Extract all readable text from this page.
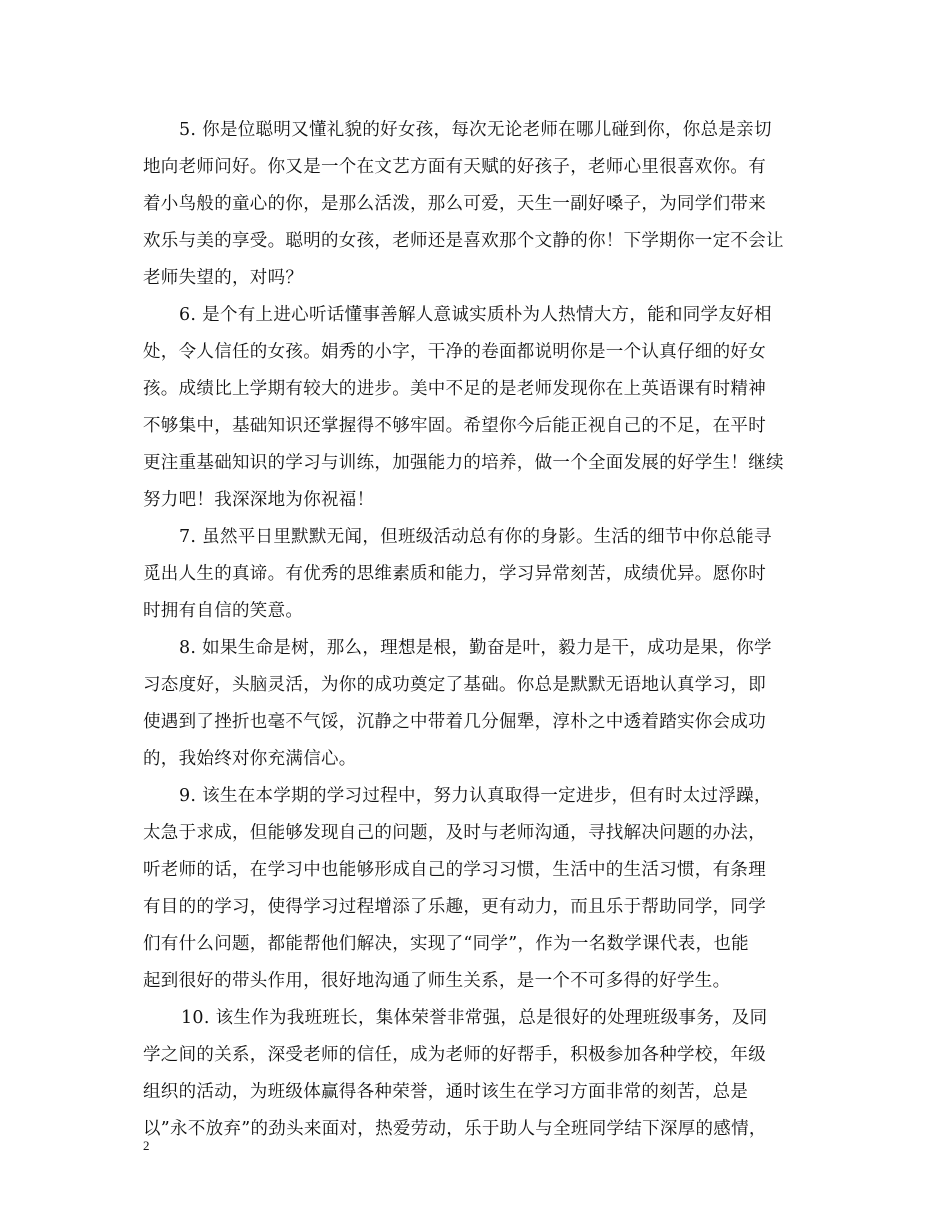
5. 你是位聪明又懂礼貌的好女孩，每次无论老师在哪儿碰到你，你总是亲切
地向老师问好。你又是一个在文艺方面有天赋的好孩子，老师心里很喜欢你。有
着小鸟般的童心的你，是那么活泼，那么可爱，天生一副好嗓子，为同学们带来
欢乐与美的享受。聪明的女孩，老师还是喜欢那个文静的你！下学期你一定不会让
老师失望的，对吗？
6. 是个有上进心听话懂事善解人意诚实质朴为人热情大方，能和同学友好相
处，令人信任的女孩。娟秀的小字，干净的卷面都说明你是一个认真仔细的好女
孩。成绩比上学期有较大的进步。美中不足的是老师发现你在上英语课有时精神
不够集中，基础知识还掌握得不够牢固。希望你今后能正视自己的不足，在平时
更注重基础知识的学习与训练，加强能力的培养，做一个全面发展的好学生！继续
努力吧！我深深地为你祝福！
7. 虽然平日里默默无闻，但班级活动总有你的身影。生活的细节中你总能寻
觅出人生的真谛。有优秀的思维素质和能力，学习异常刻苦，成绩优异。愿你时
时拥有自信的笑意。
8. 如果生命是树，那么，理想是根，勤奋是叶，毅力是干，成功是果，你学
习态度好，头脑灵活，为你的成功奠定了基础。你总是默默无语地认真学习，即
使遇到了挫折也毫不气馁，沉静之中带着几分倔犟，淳朴之中透着踏实你会成功
的，我始终对你充满信心。
9. 该生在本学期的学习过程中，努力认真取得一定进步，但有时太过浮躁，
太急于求成，但能够发现自己的问题，及时与老师沟通，寻找解决问题的办法，
听老师的话，在学习中也能够形成自己的学习习惯，生活中的生活习惯，有条理
有目的的学习，使得学习过程增添了乐趣，更有动力，而且乐于帮助同学，同学
们有什么问题，都能帮他们解决，实现了“同学”，作为一名数学课代表，也能
起到很好的带头作用，很好地沟通了师生关系，是一个不可多得的好学生。
10. 该生作为我班班长，集体荣誉非常强，总是很好的处理班级事务，及同
学之间的关系，深受老师的信任，成为老师的好帮手，积极参加各种学校，年级
组织的活动，为班级体赢得各种荣誉，通时该生在学习方面非常的刻苦，总是
以”永不放弃”的劲头来面对，热爱劳动，乐于助人与全班同学结下深厚的感情，
2
